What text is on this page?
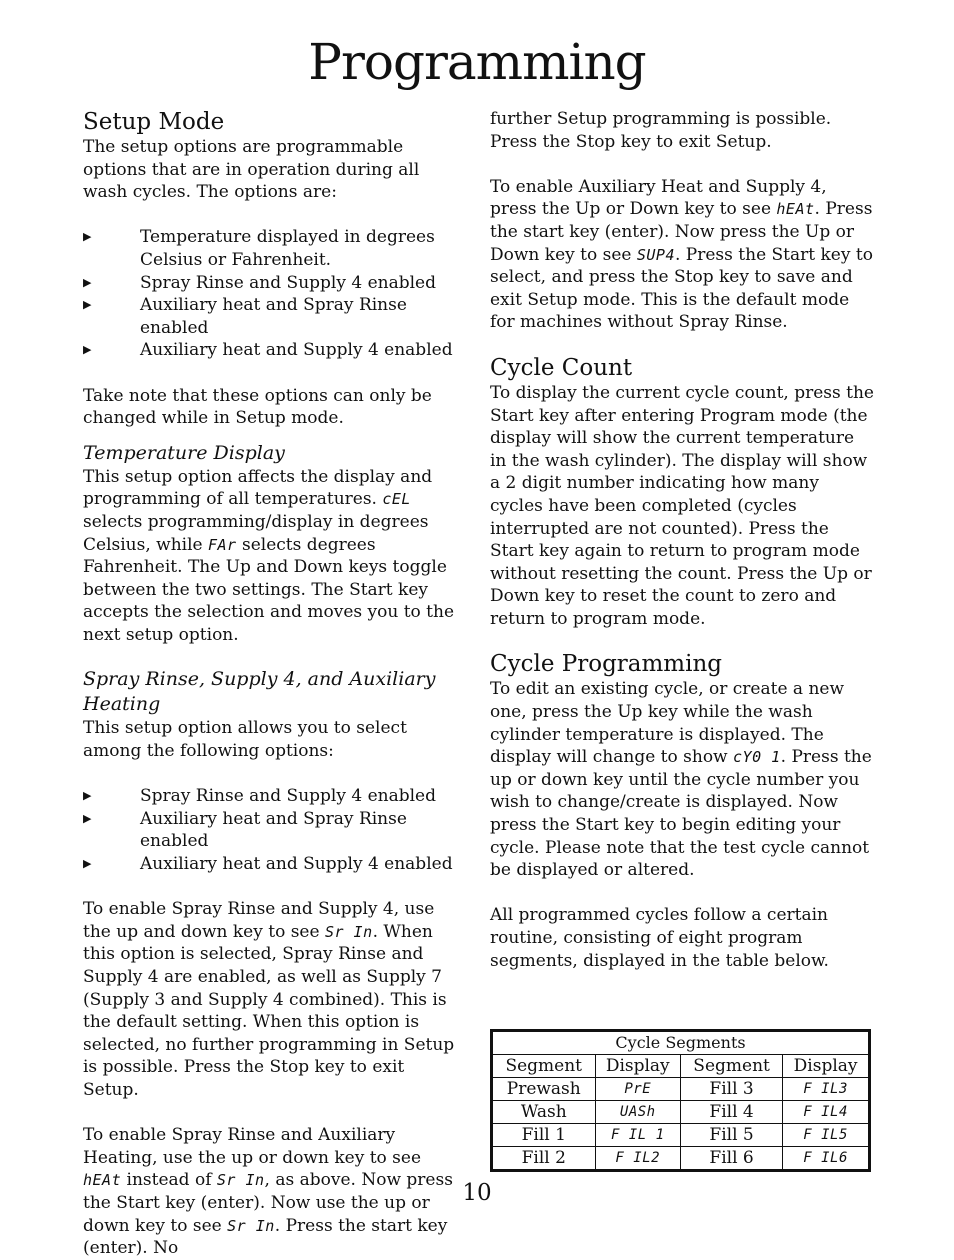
Programming

Setup Mode

The setup options are programmable options that are in operation during all wash cycles. The options are:

▶	Temperature displayed in degrees Celsius or Fahrenheit.
▶	Spray Rinse and Supply 4 enabled
▶	Auxiliary heat and Spray Rinse enabled
▶	Auxiliary heat and Supply 4 enabled

Take note that these options can only be changed while in Setup mode.

Temperature Display

This setup option affects the display and programming of all temperatures. cEL selects programming/display in degrees Celsius, while FAr selects degrees Fahrenheit. The Up and Down keys toggle between the two settings. The Start key accepts the selection and moves you to the next setup option.

Spray Rinse, Supply 4, and Auxiliary Heating

This setup option allows you to select among the following options:

▶	Spray Rinse and Supply 4 enabled
▶	Auxiliary heat and Spray Rinse enabled
▶	Auxiliary heat and Supply 4 enabled

To enable Spray Rinse and Supply 4, use the up and down key to see Sr In. When this option is selected, Spray Rinse and Supply 4 are enabled, as well as Supply 7 (Supply 3 and Supply 4 combined). This is the default setting. When this option is selected, no further programming in Setup is possible. Press the Stop key to exit Setup.

To enable Spray Rinse and Auxiliary Heating, use the up or down key to see hEAt instead of Sr In, as above. Now press the Start key (enter). Now use the up or down key to see Sr In. Press the start key (enter). No

further Setup programming is possible. Press the Stop key to exit Setup.

To enable Auxiliary Heat and Supply 4, press the Up or Down key to see hEAt. Press the start key (enter). Now press the Up or Down key to see SUP4. Press the Start key to select, and press the Stop key to save and exit Setup mode. This is the default mode for machines without Spray Rinse.

Cycle Count

To display the current cycle count, press the Start key after entering Program mode (the display will show the current temperature in the wash cylinder). The display will show a 2 digit number indicating how many cycles have been completed (cycles interrupted are not counted). Press the Start key again to return to program mode without resetting the count. Press the Up or Down key to reset the count to zero and return to program mode.

Cycle Programming

To edit an existing cycle, or create a new one, press the Up key while the wash cylinder temperature is displayed. The display will change to show cY0 1. Press the up or down key until the cycle number you wish to change/create is displayed. Now press the Start key to begin editing your cycle. Please note that the test cycle cannot be displayed or altered.

All programmed cycles follow a certain routine, consisting of eight program segments, displayed in the table below.

Cycle Segments			
Segment	Display	Segment	Display
Prewash	PrE	Fill 3	F IL3
Wash	UASh	Fill 4	F IL4
Fill 1	F IL 1	Fill 5	F IL5
Fill 2	F IL2	Fill 6	F IL6
10
